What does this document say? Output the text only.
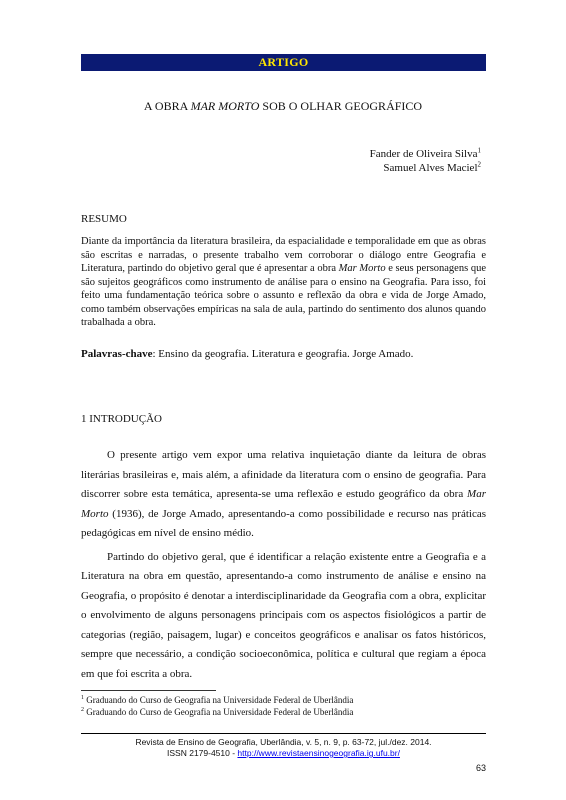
ARTIGO
A OBRA MAR MORTO SOB O OLHAR GEOGRÁFICO
Fander de Oliveira Silva$^1$
Samuel Alves Maciel$^2$
RESUMO
Diante da importância da literatura brasileira, da espacialidade e temporalidade em que as obras são escritas e narradas, o presente trabalho vem corroborar o diálogo entre Geografia e Literatura, partindo do objetivo geral que é apresentar a obra Mar Morto e seus personagens que são sujeitos geográficos como instrumento de análise para o ensino na Geografia. Para isso, foi feito uma fundamentação teórica sobre o assunto e reflexão da obra e vida de Jorge Amado, como também observações empíricas na sala de aula, partindo do sentimento dos alunos quando trabalhada a obra.
Palavras-chave: Ensino da geografia. Literatura e geografia. Jorge Amado.
1 INTRODUÇÃO

O presente artigo vem expor uma relativa inquietação diante da leitura de obras literárias brasileiras e, mais além, a afinidade da literatura com o ensino de geografia. Para discorrer sobre esta temática, apresenta-se uma reflexão e estudo geográfico da obra Mar Morto (1936), de Jorge Amado, apresentando-a como possibilidade e recurso nas práticas pedagógicas em nível de ensino médio.

Partindo do objetivo geral, que é identificar a relação existente entre a Geografia e a Literatura na obra em questão, apresentando-a como instrumento de análise e ensino na Geografia, o propósito é denotar a interdisciplinaridade da Geografia com a obra, explicitar o envolvimento de alguns personagens principais com os aspectos fisiológicos a partir de categorias (região, paisagem, lugar) e conceitos geográficos e analisar os fatos históricos, sempre que necessário, a condição socioeconômica, política e cultural que regiam a época em que foi escrita a obra.

$^1$ Graduando do Curso de Geografia na Universidade Federal de Uberlândia
$^2$ Graduando do Curso de Geografia na Universidade Federal de Uberlândia
Revista de Ensino de Geografia, Uberlândia, v. 5, n. 9, p. 63-72, jul./dez. 2014.
ISSN 2179-4510 - http://www.revistaensinogeografia.ig.ufu.br/
63
